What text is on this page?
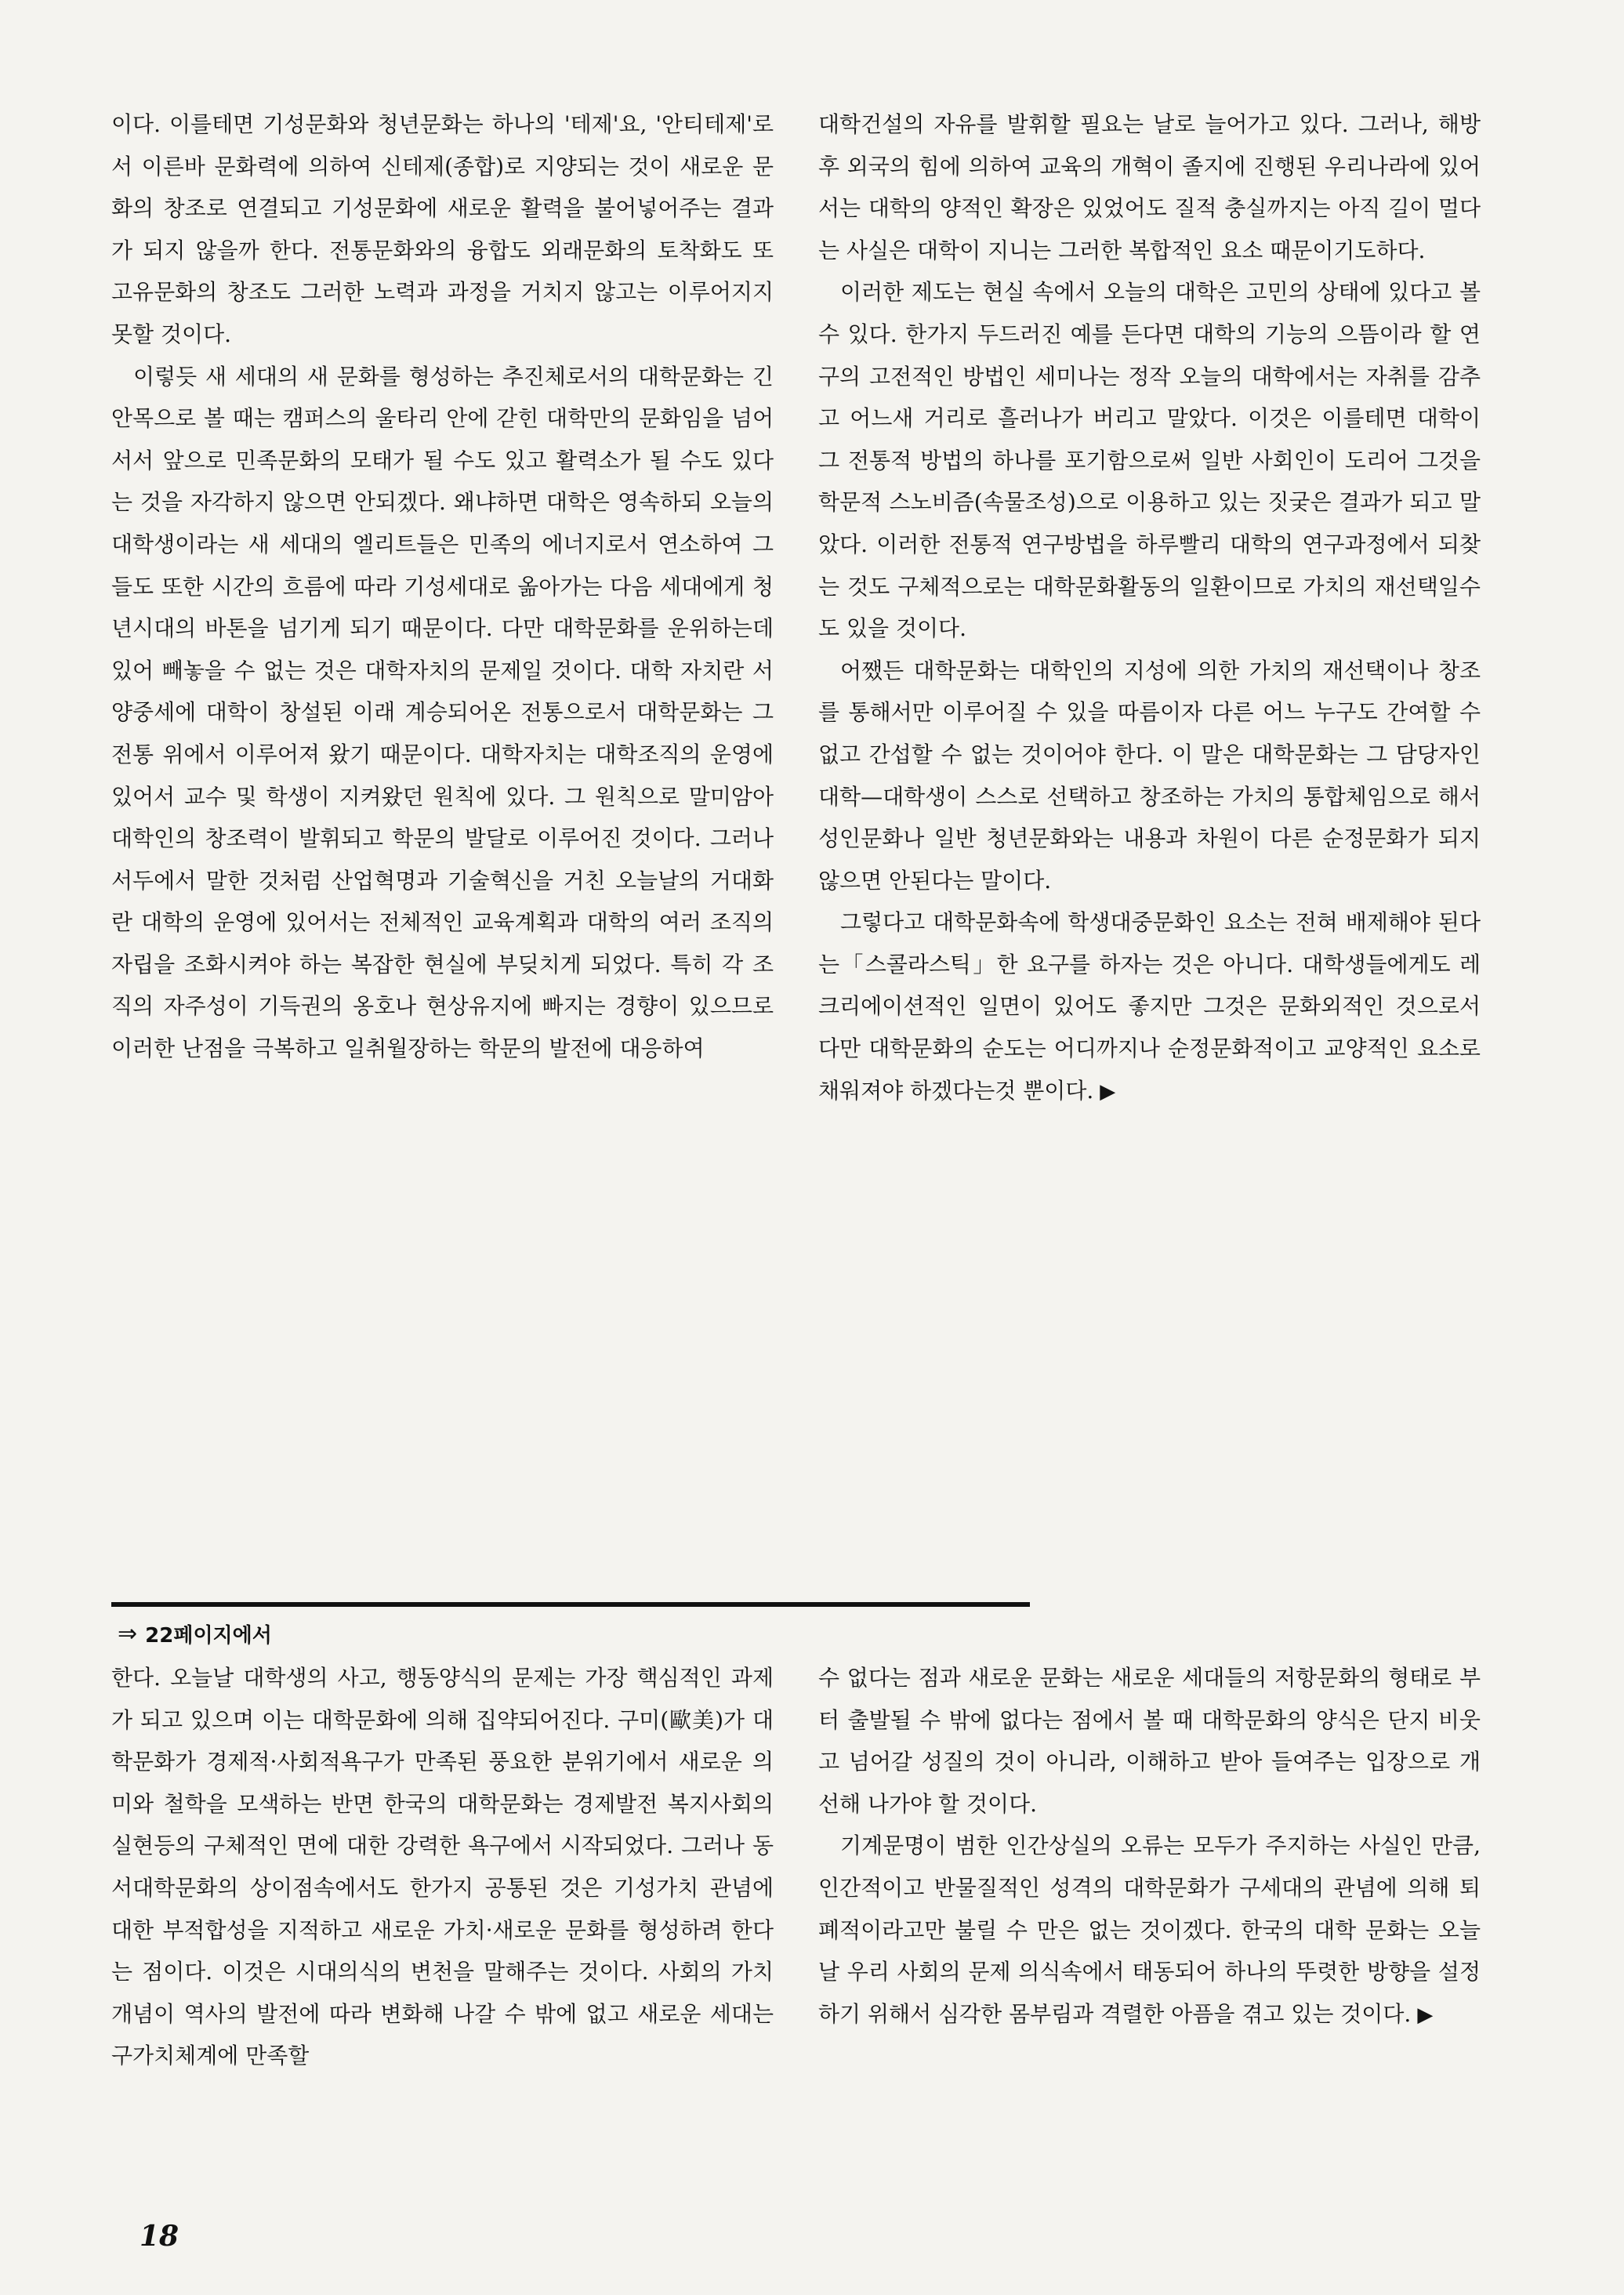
이다. 이를테면 기성문화와 청년문화는 하나의 '테제'요, '안티테제'로서 이른바 문화력에 의하여 신테제(종합)로 지양되는 것이 새로운 문화의 창조로 연결되고 기성문화에 새로운 활력을 불어넣어주는 결과가 되지 않을까 한다. 전통문화와의 융합도 외래문화의 토착화도 또 고유문화의 창조도 그러한 노력과 과정을 거치지 않고는 이루어지지 못할 것이다.

이렇듯 새 세대의 새 문화를 형성하는 추진체로서의 대학문화는 긴 안목으로 볼 때는 캠퍼스의 울타리 안에 갇힌 대학만의 문화임을 넘어서서 앞으로 민족문화의 모태가 될 수도 있고 활력소가 될 수도 있다는 것을 자각하지 않으면 안되겠다. 왜냐하면 대학은 영속하되 오늘의 대학생이라는 새 세대의 엘리트들은 민족의 에너지로서 연소하여 그들도 또한 시간의 흐름에 따라 기성세대로 옮아가는 다음 세대에게 청년시대의 바톤을 넘기게 되기 때문이다. 다만 대학문화를 운위하는데 있어 빼놓을 수 없는 것은 대학자치의 문제일 것이다. 대학 자치란 서양중세에 대학이 창설된 이래 계승되어온 전통으로서 대학문화는 그 전통 위에서 이루어져 왔기 때문이다. 대학자치는 대학조직의 운영에 있어서 교수 및 학생이 지켜왔던 원칙에 있다. 그 원칙으로 말미암아 대학인의 창조력이 발휘되고 학문의 발달로 이루어진 것이다. 그러나 서두에서 말한 것처럼 산업혁명과 기술혁신을 거친 오늘날의 거대화란 대학의 운영에 있어서는 전체적인 교육계획과 대학의 여러 조직의 자립을 조화시켜야 하는 복잡한 현실에 부딪치게 되었다. 특히 각 조직의 자주성이 기득권의 옹호나 현상유지에 빠지는 경향이 있으므로 이러한 난점을 극복하고 일취월장하는 학문의 발전에 대응하여

대학건설의 자유를 발휘할 필요는 날로 늘어가고 있다. 그러나, 해방후 외국의 힘에 의하여 교육의 개혁이 졸지에 진행된 우리나라에 있어서는 대학의 양적인 확장은 있었어도 질적 충실까지는 아직 길이 멀다는 사실은 대학이 지니는 그러한 복합적인 요소 때문이기도하다.

이러한 제도는 현실 속에서 오늘의 대학은 고민의 상태에 있다고 볼 수 있다. 한가지 두드러진 예를 든다면 대학의 기능의 으뜸이라 할 연구의 고전적인 방법인 세미나는 정작 오늘의 대학에서는 자취를 감추고 어느새 거리로 흘러나가 버리고 말았다. 이것은 이를테면 대학이 그 전통적 방법의 하나를 포기함으로써 일반 사회인이 도리어 그것을 학문적 스노비즘(속물조성)으로 이용하고 있는 짓궂은 결과가 되고 말았다. 이러한 전통적 연구방법을 하루빨리 대학의 연구과정에서 되찾는 것도 구체적으로는 대학문화활동의 일환이므로 가치의 재선택일수도 있을 것이다.

어쨌든 대학문화는 대학인의 지성에 의한 가치의 재선택이나 창조를 통해서만 이루어질 수 있을 따름이자 다른 어느 누구도 간여할 수 없고 간섭할 수 없는 것이어야 한다. 이 말은 대학문화는 그 담당자인 대학—대학생이 스스로 선택하고 창조하는 가치의 통합체임으로 해서 성인문화나 일반 청년문화와는 내용과 차원이 다른 순정문화가 되지 않으면 안된다는 말이다.

그렇다고 대학문화속에 학생대중문화인 요소는 전혀 배제해야 된다는「스콜라스틱」한 요구를 하자는 것은 아니다. 대학생들에게도 레크리에이션적인 일면이 있어도 좋지만 그것은 문화외적인 것으로서 다만 대학문화의 순도는 어디까지나 순정문화적이고 교양적인 요소로 채워져야 하겠다는것 뿐이다. ▶

⇒ 22페이지에서

한다. 오늘날 대학생의 사고, 행동양식의 문제는 가장 핵심적인 과제가 되고 있으며 이는 대학문화에 의해 집약되어진다. 구미(歐美)가 대학문화가 경제적·사회적욕구가 만족된 풍요한 분위기에서 새로운 의미와 철학을 모색하는 반면 한국의 대학문화는 경제발전 복지사회의 실현등의 구체적인 면에 대한 강력한 욕구에서 시작되었다. 그러나 동서대학문화의 상이점속에서도 한가지 공통된 것은 기성가치 관념에 대한 부적합성을 지적하고 새로운 가치·새로운 문화를 형성하려 한다는 점이다. 이것은 시대의식의 변천을 말해주는 것이다. 사회의 가치개념이 역사의 발전에 따라 변화해 나갈 수 밖에 없고 새로운 세대는 구가치체계에 만족할

수 없다는 점과 새로운 문화는 새로운 세대들의 저항문화의 형태로 부터 출발될 수 밖에 없다는 점에서 볼 때 대학문화의 양식은 단지 비웃고 넘어갈 성질의 것이 아니라, 이해하고 받아 들여주는 입장으로 개선해 나가야 할 것이다.

기계문명이 범한 인간상실의 오류는 모두가 주지하는 사실인 만큼, 인간적이고 반물질적인 성격의 대학문화가 구세대의 관념에 의해 퇴폐적이라고만 불릴 수 만은 없는 것이겠다. 한국의 대학 문화는 오늘날 우리 사회의 문제 의식속에서 태동되어 하나의 뚜렷한 방향을 설정하기 위해서 심각한 몸부림과 격렬한 아픔을 겪고 있는 것이다. ▶

18
